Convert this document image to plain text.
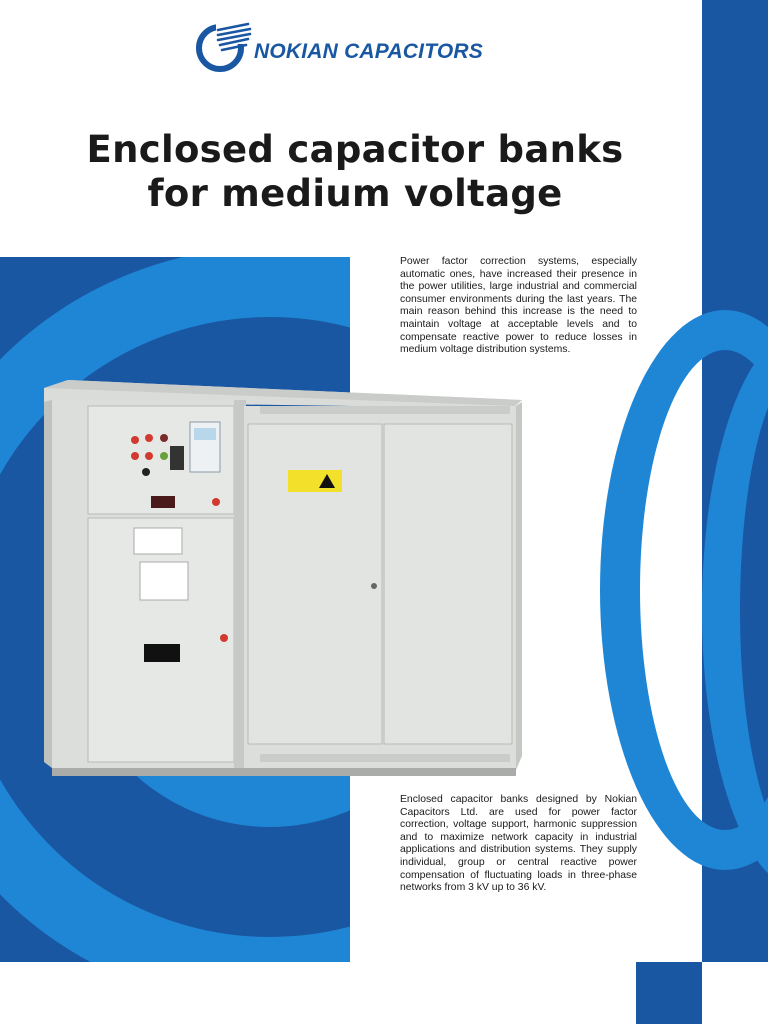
NOKIAN CAPACITORS
Enclosed capacitor banks
for medium voltage
Power factor correction systems, especially automatic ones, have increased their presence in the power utilities, large industrial and commercial consumer environments during the last years. The main reason behind this increase is the need to maintain voltage at acceptable levels and to compensate reactive power to reduce losses in medium voltage distribution systems.
Enclosed capacitor banks designed by Nokian Capacitors Ltd. are used for power factor correction, voltage support, harmonic suppression and to maximize network capacity in industrial applications and distribution systems. They supply individual, group or central reactive power compensation of fluctuating loads in three-phase networks from 3 kV up to 36 kV.
